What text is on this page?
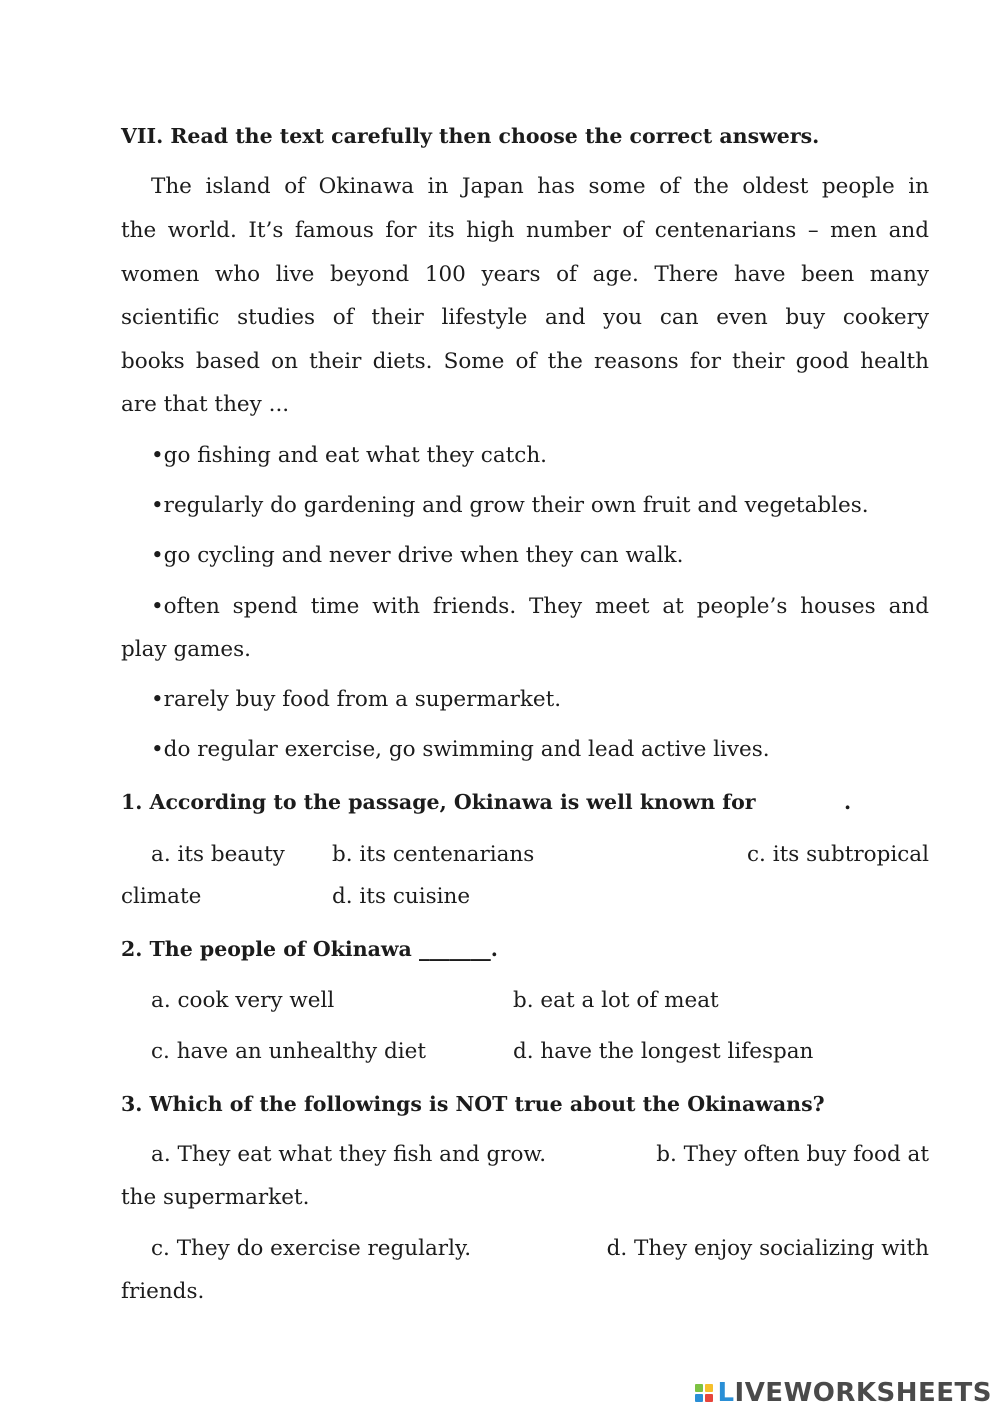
VII. Read the text carefully then choose the correct answers.
The island of Okinawa in Japan has some of the oldest people in
the world. It’s famous for its high number of centenarians – men and
women who live beyond 100 years of age. There have been many
scientific studies of their lifestyle and you can even buy cookery
books based on their diets. Some of the reasons for their good health
are that they ...
•go fishing and eat what they catch.
•regularly do gardening and grow their own fruit and vegetables.
•go cycling and never drive when they can walk.
•often spend time with friends. They meet at people’s houses and
play games.
•rarely buy food from a supermarket.
•do regular exercise, go swimming and lead active lives.
1. According to the passage, Okinawa is well known for	.
a. its beauty b. its centenarians	c. its subtropical
climate	d. its cuisine
2. The people of Okinawa _______.
a. cook very well	b. eat a lot of meat
c. have an unhealthy diet	d. have the longest lifespan
3. Which of the followings is NOT true about the Okinawans?
a. They eat what they fish and grow.	b. They often buy food at
the supermarket.
c. They do exercise regularly.	d. They enjoy socializing with
friends.
LIVEWORKSHEETS
